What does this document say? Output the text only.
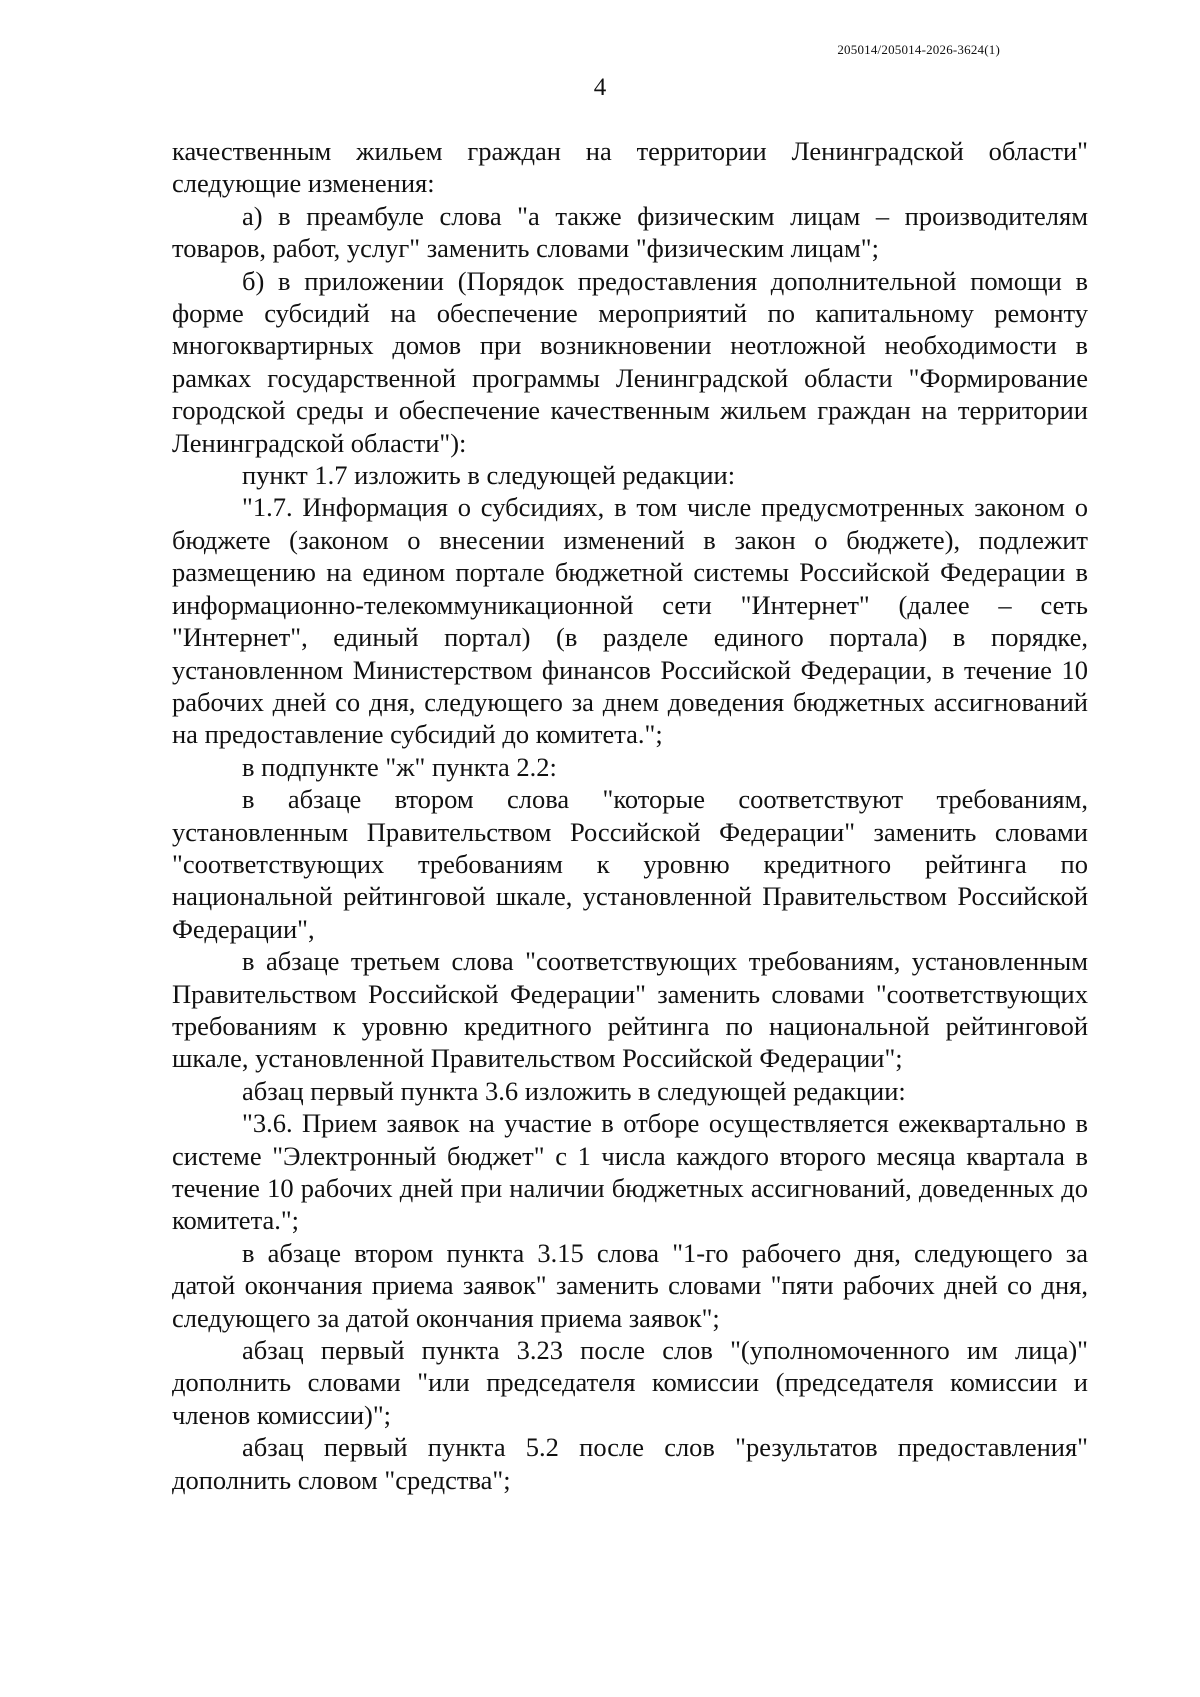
205014/205014-2026-3624(1)
4

качественным жильем граждан на территории Ленинградской области" следующие изменения:

а) в преамбуле слова "а также физическим лицам – производителям товаров, работ, услуг" заменить словами "физическим лицам";

б) в приложении (Порядок предоставления дополнительной помощи в форме субсидий на обеспечение мероприятий по капитальному ремонту многоквартирных домов при возникновении неотложной необходимости в рамках государственной программы Ленинградской области "Формирование городской среды и обеспечение качественным жильем граждан на территории Ленинградской области"):

пункт 1.7 изложить в следующей редакции:

"1.7. Информация о субсидиях, в том числе предусмотренных законом о бюджете (законом о внесении изменений в закон о бюджете), подлежит размещению на едином портале бюджетной системы Российской Федерации в информационно-телекоммуникационной сети "Интернет" (далее – сеть "Интернет", единый портал) (в разделе единого портала) в порядке, установленном Министерством финансов Российской Федерации, в течение 10 рабочих дней со дня, следующего за днем доведения бюджетных ассигнований на предоставление субсидий до комитета.";

в подпункте "ж" пункта 2.2:

в абзаце втором слова "которые соответствуют требованиям, установленным Правительством Российской Федерации" заменить словами "соответствующих требованиям к уровню кредитного рейтинга по национальной рейтинговой шкале, установленной Правительством Российской Федерации",

в абзаце третьем слова "соответствующих требованиям, установленным Правительством Российской Федерации" заменить словами "соответствующих требованиям к уровню кредитного рейтинга по национальной рейтинговой шкале, установленной Правительством Российской Федерации";

абзац первый пункта 3.6 изложить в следующей редакции:

"3.6. Прием заявок на участие в отборе осуществляется ежеквартально в системе "Электронный бюджет" с 1 числа каждого второго месяца квартала в течение 10 рабочих дней при наличии бюджетных ассигнований, доведенных до комитета.";

в абзаце втором пункта 3.15 слова "1-го рабочего дня, следующего за датой окончания приема заявок" заменить словами "пяти рабочих дней со дня, следующего за датой окончания приема заявок";

абзац первый пункта 3.23 после слов "(уполномоченного им лица)" дополнить словами "или председателя комиссии (председателя комиссии и членов комиссии)";

абзац первый пункта 5.2 после слов "результатов предоставления" дополнить словом "средства";
